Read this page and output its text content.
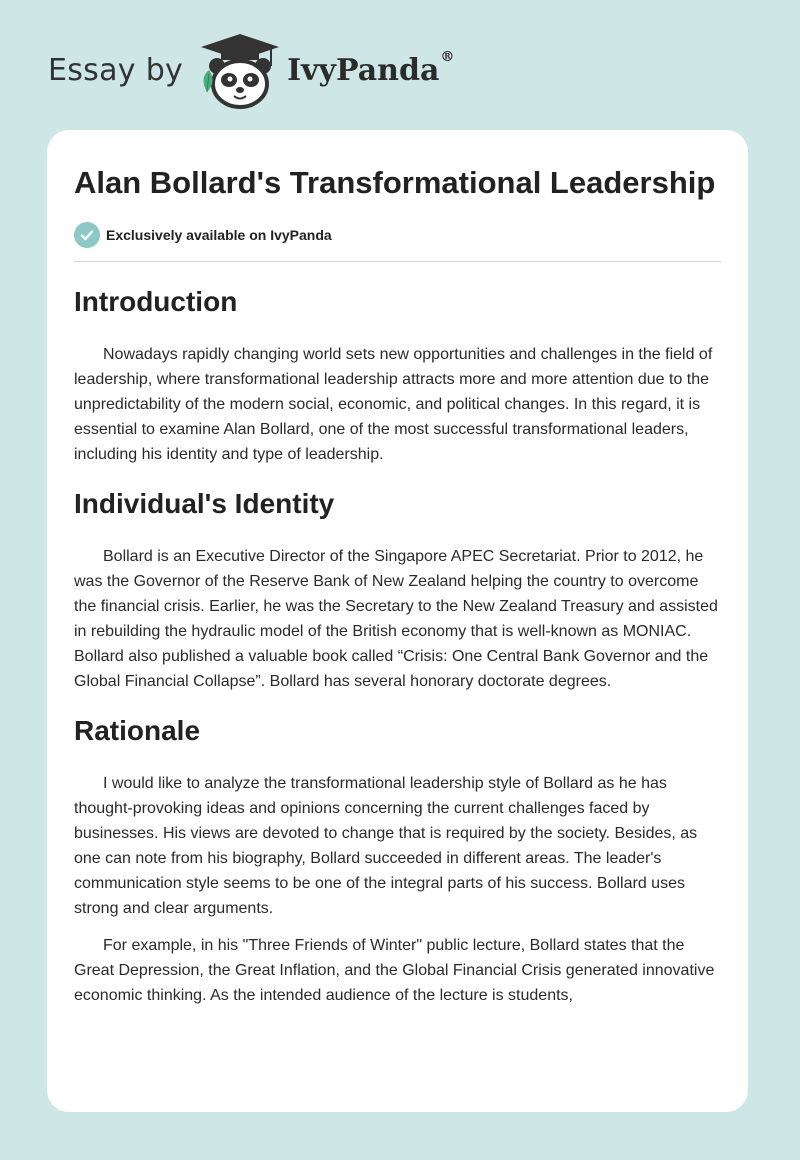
Essay by	IvyPanda®
Alan Bollard's Transformational Leadership
Exclusively available on IvyPanda
Introduction

Nowadays rapidly changing world sets new opportunities and challenges in the field of leadership, where transformational leadership attracts more and more attention due to the unpredictability of the modern social, economic, and political changes. In this regard, it is essential to examine Alan Bollard, one of the most successful transformational leaders, including his identity and type of leadership.

Individual's Identity

Bollard is an Executive Director of the Singapore APEC Secretariat. Prior to 2012, he was the Governor of the Reserve Bank of New Zealand helping the country to overcome the financial crisis. Earlier, he was the Secretary to the New Zealand Treasury and assisted in rebuilding the hydraulic model of the British economy that is well-known as MONIAC. Bollard also published a valuable book called “Crisis: One Central Bank Governor and the Global Financial Collapse”. Bollard has several honorary doctorate degrees.

Rationale

I would like to analyze the transformational leadership style of Bollard as he has thought-provoking ideas and opinions concerning the current challenges faced by businesses. His views are devoted to change that is required by the society. Besides, as one can note from his biography, Bollard succeeded in different areas. The leader's communication style seems to be one of the integral parts of his success. Bollard uses strong and clear arguments.

For example, in his "Three Friends of Winter" public lecture, Bollard states that the Great Depression, the Great Inflation, and the Global Financial Crisis generated innovative economic thinking. As the intended audience of the lecture is students,
